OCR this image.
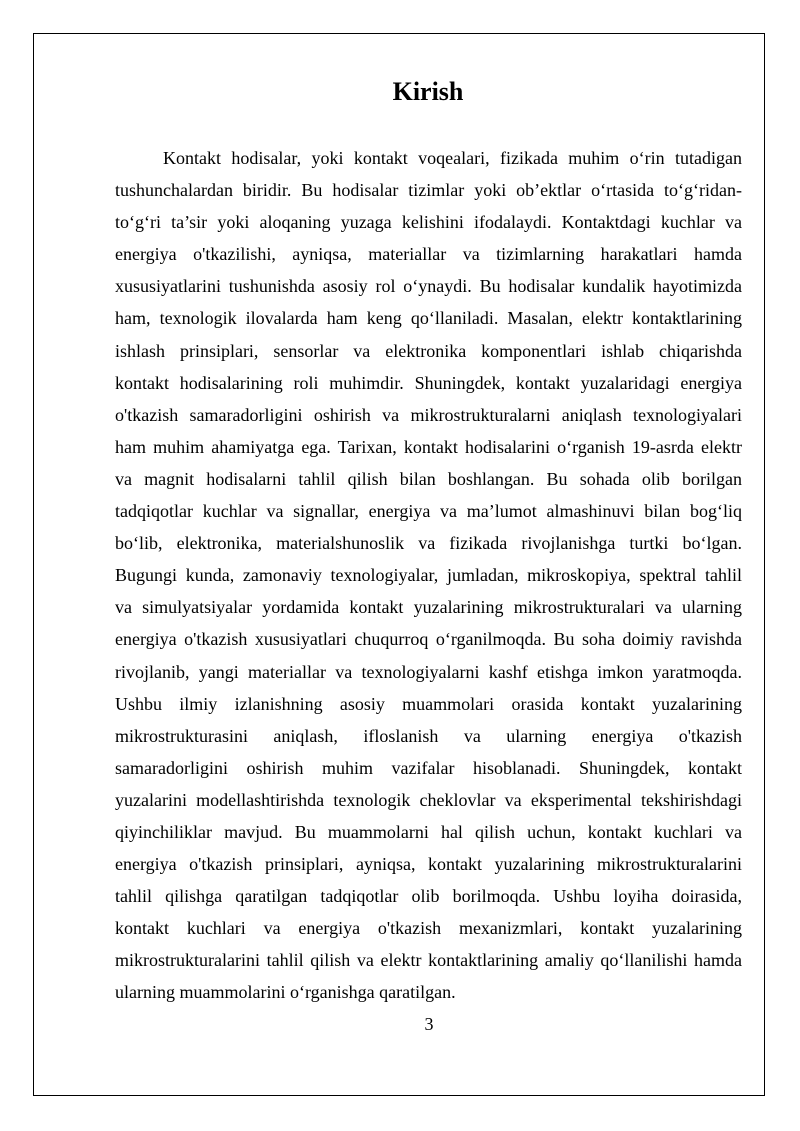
Kirish

Kontakt hodisalar, yoki kontakt voqealari, fizikada muhim o‘rin tutadigan
tushunchalardan biridir. Bu hodisalar tizimlar yoki ob’ektlar o‘rtasida to‘g‘ridan-
to‘g‘ri ta’sir yoki aloqaning yuzaga kelishini ifodalaydi. Kontaktdagi kuchlar va
energiya o'tkazilishi, ayniqsa, materiallar va tizimlarning harakatlari hamda
xususiyatlarini tushunishda asosiy rol o‘ynaydi. Bu hodisalar kundalik hayotimizda
ham, texnologik ilovalarda ham keng qo‘llaniladi. Masalan, elektr kontaktlarining
ishlash prinsiplari, sensorlar va elektronika komponentlari ishlab chiqarishda
kontakt hodisalarining roli muhimdir. Shuningdek, kontakt yuzalaridagi energiya
o'tkazish samaradorligini oshirish va mikrostrukturalarni aniqlash texnologiyalari
ham muhim ahamiyatga ega. Tarixan, kontakt hodisalarini o‘rganish 19-asrda elektr
va magnit hodisalarni tahlil qilish bilan boshlangan. Bu sohada olib borilgan
tadqiqotlar kuchlar va signallar, energiya va ma’lumot almashinuvi bilan bog‘liq
bo‘lib, elektronika, materialshunoslik va fizikada rivojlanishga turtki bo‘lgan.
Bugungi kunda, zamonaviy texnologiyalar, jumladan, mikroskopiya, spektral tahlil
va simulyatsiyalar yordamida kontakt yuzalarining mikrostrukturalari va ularning
energiya o'tkazish xususiyatlari chuqurroq o‘rganilmoqda. Bu soha doimiy ravishda
rivojlanib, yangi materiallar va texnologiyalarni kashf etishga imkon yaratmoqda.
Ushbu ilmiy izlanishning asosiy muammolari orasida kontakt yuzalarining
mikrostrukturasini aniqlash, ifloslanish va ularning energiya o'tkazish
samaradorligini oshirish muhim vazifalar hisoblanadi. Shuningdek, kontakt
yuzalarini modellashtirishda texnologik cheklovlar va eksperimental tekshirishdagi
qiyinchiliklar mavjud. Bu muammolarni hal qilish uchun, kontakt kuchlari va
energiya o'tkazish prinsiplari, ayniqsa, kontakt yuzalarining mikrostrukturalarini
tahlil qilishga qaratilgan tadqiqotlar olib borilmoqda. Ushbu loyiha doirasida,
kontakt kuchlari va energiya o'tkazish mexanizmlari, kontakt yuzalarining
mikrostrukturalarini tahlil qilish va elektr kontaktlarining amaliy qo‘llanilishi hamda
ularning muammolarini o‘rganishga qaratilgan.

3
